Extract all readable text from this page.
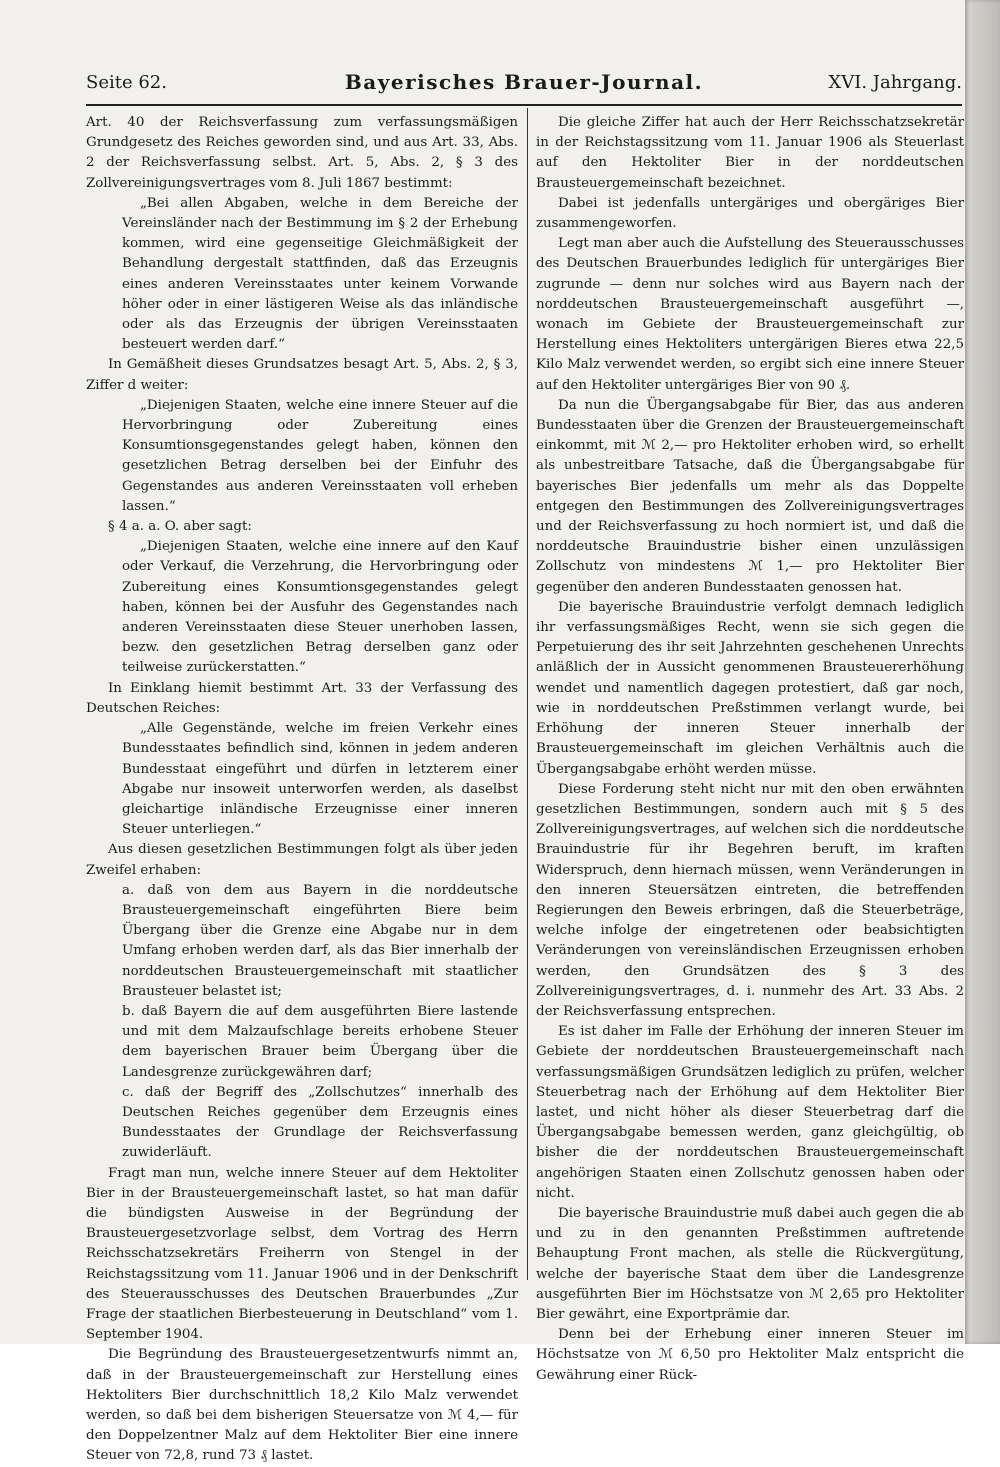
Seite 62.	Bayerisches Brauer-Journal.	XVI. Jahrgang.

Art. 40 der Reichsverfassung zum verfassungsmäßigen Grundgesetz des Reiches geworden sind, und aus Art. 33, Abs. 2 der Reichsverfassung selbst. Art. 5, Abs. 2, § 3 des Zollvereinigungsvertrages vom 8. Juli 1867 bestimmt:

„Bei allen Abgaben, welche in dem Bereiche der Vereinsländer nach der Bestimmung im § 2 der Erhebung kommen, wird eine gegenseitige Gleichmäßigkeit der Behandlung dergestalt stattfinden, daß das Erzeugnis eines anderen Vereinsstaates unter keinem Vorwande höher oder in einer lästigeren Weise als das inländische oder als das Erzeugnis der übrigen Vereinsstaaten besteuert werden darf.“

In Gemäßheit dieses Grundsatzes besagt Art. 5, Abs. 2, § 3, Ziffer d weiter:

„Diejenigen Staaten, welche eine innere Steuer auf die Hervorbringung oder Zubereitung eines Konsumtionsgegenstandes gelegt haben, können den gesetzlichen Betrag derselben bei der Einfuhr des Gegenstandes aus anderen Vereinsstaaten voll erheben lassen.“

§ 4 a. a. O. aber sagt:

„Diejenigen Staaten, welche eine innere auf den Kauf oder Verkauf, die Verzehrung, die Hervorbringung oder Zubereitung eines Konsumtionsgegenstandes gelegt haben, können bei der Ausfuhr des Gegenstandes nach anderen Vereinsstaaten diese Steuer unerhoben lassen, bezw. den gesetzlichen Betrag derselben ganz oder teilweise zurückerstatten.“

In Einklang hiemit bestimmt Art. 33 der Verfassung des Deutschen Reiches:

„Alle Gegenstände, welche im freien Verkehr eines Bundesstaates befindlich sind, können in jedem anderen Bundesstaat eingeführt und dürfen in letzterem einer Abgabe nur insoweit unterworfen werden, als daselbst gleichartige inländische Erzeugnisse einer inneren Steuer unterliegen.“

Aus diesen gesetzlichen Bestimmungen folgt als über jeden Zweifel erhaben:

a. daß von dem aus Bayern in die norddeutsche Brausteuergemeinschaft eingeführten Biere beim Übergang über die Grenze eine Abgabe nur in dem Umfang erhoben werden darf, als das Bier innerhalb der norddeutschen Brausteuergemeinschaft mit staatlicher Brausteuer belastet ist;

b. daß Bayern die auf dem ausgeführten Biere lastende und mit dem Malzaufschlage bereits erhobene Steuer dem bayerischen Brauer beim Übergang über die Landesgrenze zurückgewähren darf;

c. daß der Begriff des „Zollschutzes“ innerhalb des Deutschen Reiches gegenüber dem Erzeugnis eines Bundesstaates der Grundlage der Reichsverfassung zuwiderläuft.

Fragt man nun, welche innere Steuer auf dem Hektoliter Bier in der Brausteuergemeinschaft lastet, so hat man dafür die bündigsten Ausweise in der Begründung der Brausteuergesetzvorlage selbst, dem Vortrag des Herrn Reichsschatzsekretärs Freiherrn von Stengel in der Reichstagssitzung vom 11. Januar 1906 und in der Denkschrift des Steuerausschusses des Deutschen Brauerbundes „Zur Frage der staatlichen Bierbesteuerung in Deutschland“ vom 1. September 1904.

Die Begründung des Brausteuergesetzentwurfs nimmt an, daß in der Brausteuergemeinschaft zur Herstellung eines Hektoliters Bier durchschnittlich 18,2 Kilo Malz verwendet werden, so daß bei dem bisherigen Steuersatze von ℳ 4,— für den Doppelzentner Malz auf dem Hektoliter Bier eine innere Steuer von 72,8, rund 73 ₰ lastet.

Die gleiche Ziffer hat auch der Herr Reichsschatzsekretär in der Reichstagssitzung vom 11. Januar 1906 als Steuerlast auf den Hektoliter Bier in der norddeutschen Brausteuergemeinschaft bezeichnet.

Dabei ist jedenfalls untergäriges und obergäriges Bier zusammengeworfen.

Legt man aber auch die Aufstellung des Steuerausschusses des Deutschen Brauerbundes lediglich für untergäriges Bier zugrunde — denn nur solches wird aus Bayern nach der norddeutschen Brausteuergemeinschaft ausgeführt —, wonach im Gebiete der Brausteuergemeinschaft zur Herstellung eines Hektoliters untergärigen Bieres etwa 22,5 Kilo Malz verwendet werden, so ergibt sich eine innere Steuer auf den Hektoliter untergäriges Bier von 90 ₰.

Da nun die Übergangsabgabe für Bier, das aus anderen Bundesstaaten über die Grenzen der Brausteuergemeinschaft einkommt, mit ℳ 2,— pro Hektoliter erhoben wird, so erhellt als unbestreitbare Tatsache, daß die Übergangsabgabe für bayerisches Bier jedenfalls um mehr als das Doppelte entgegen den Bestimmungen des Zollvereinigungsvertrages und der Reichsverfassung zu hoch normiert ist, und daß die norddeutsche Brauindustrie bisher einen unzulässigen Zollschutz von mindestens ℳ 1,— pro Hektoliter Bier gegenüber den anderen Bundesstaaten genossen hat.

Die bayerische Brauindustrie verfolgt demnach lediglich ihr verfassungsmäßiges Recht, wenn sie sich gegen die Perpetuierung des ihr seit Jahrzehnten geschehenen Unrechts anläßlich der in Aussicht genommenen Brausteuererhöhung wendet und namentlich dagegen protestiert, daß gar noch, wie in norddeutschen Preßstimmen verlangt wurde, bei Erhöhung der inneren Steuer innerhalb der Brausteuergemeinschaft im gleichen Verhältnis auch die Übergangsabgabe erhöht werden müsse.

Diese Forderung steht nicht nur mit den oben erwähnten gesetzlichen Bestimmungen, sondern auch mit § 5 des Zollvereinigungsvertrages, auf welchen sich die norddeutsche Brauindustrie für ihr Begehren beruft, im kraften Widerspruch, denn hiernach müssen, wenn Veränderungen in den inneren Steuersätzen eintreten, die betreffenden Regierungen den Beweis erbringen, daß die Steuerbeträge, welche infolge der eingetretenen oder beabsichtigten Veränderungen von vereinsländischen Erzeugnissen erhoben werden, den Grundsätzen des § 3 des Zollvereinigungsvertrages, d. i. nunmehr des Art. 33 Abs. 2 der Reichsverfassung entsprechen.

Es ist daher im Falle der Erhöhung der inneren Steuer im Gebiete der norddeutschen Brausteuergemeinschaft nach verfassungsmäßigen Grundsätzen lediglich zu prüfen, welcher Steuerbetrag nach der Erhöhung auf dem Hektoliter Bier lastet, und nicht höher als dieser Steuerbetrag darf die Übergangsabgabe bemessen werden, ganz gleichgültig, ob bisher die der norddeutschen Brausteuergemeinschaft angehörigen Staaten einen Zollschutz genossen haben oder nicht.

Die bayerische Brauindustrie muß dabei auch gegen die ab und zu in den genannten Preßstimmen auftretende Behauptung Front machen, als stelle die Rückvergütung, welche der bayerische Staat dem über die Landesgrenze ausgeführten Bier im Höchstsatze von ℳ 2,65 pro Hektoliter Bier gewährt, eine Exportprämie dar.

Denn bei der Erhebung einer inneren Steuer im Höchstsatze von ℳ 6,50 pro Hektoliter Malz entspricht die Gewährung einer Rück-
